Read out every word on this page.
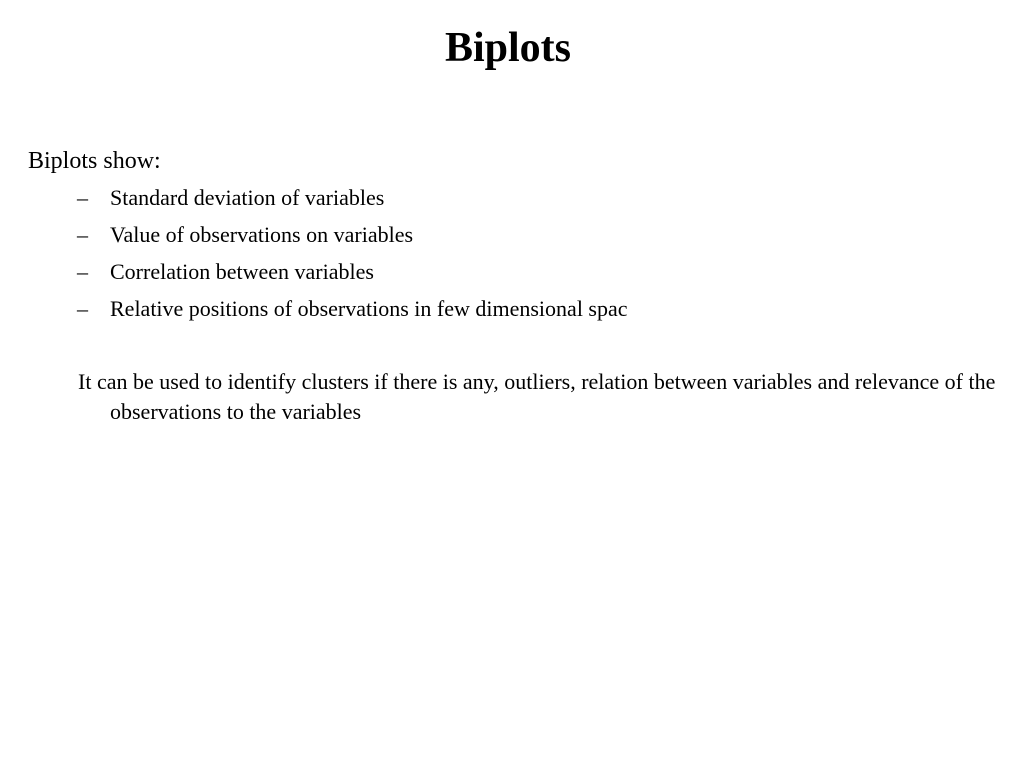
Biplots

Biplots show:

– Standard deviation of variables
– Value of observations on variables
– Correlation between variables
– Relative positions of observations in few dimensional spac

It can be used to identify clusters if there is any, outliers, relation between variables and relevance of the observations to the variables
